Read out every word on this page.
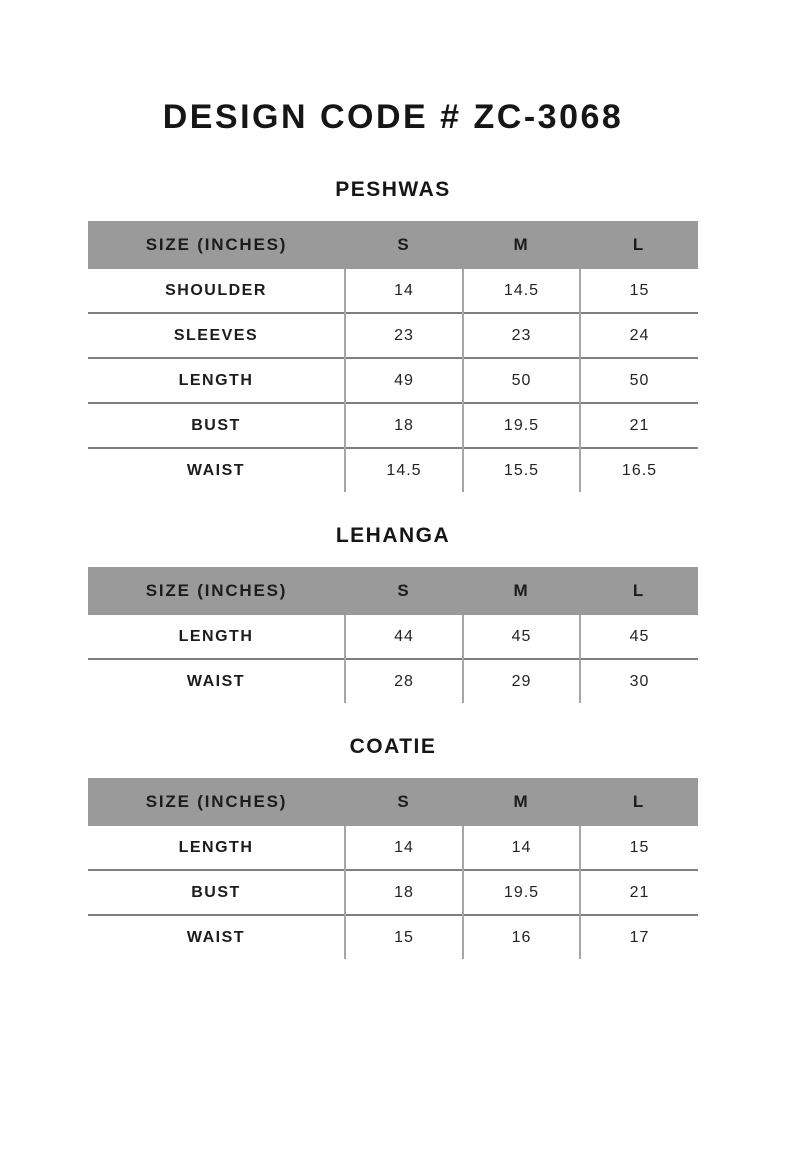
DESIGN CODE # ZC-3068
PESHWAS
SIZE (INCHES)	S	M	L
SHOULDER	14	14.5	15
SLEEVES	23	23	24
LENGTH	49	50	50
BUST	18	19.5	21
WAIST	14.5	15.5	16.5
LEHANGA
SIZE (INCHES)	S	M	L
LENGTH	44	45	45
WAIST	28	29	30
COATIE
SIZE (INCHES)	S	M	L
LENGTH	14	14	15
BUST	18	19.5	21
WAIST	15	16	17
